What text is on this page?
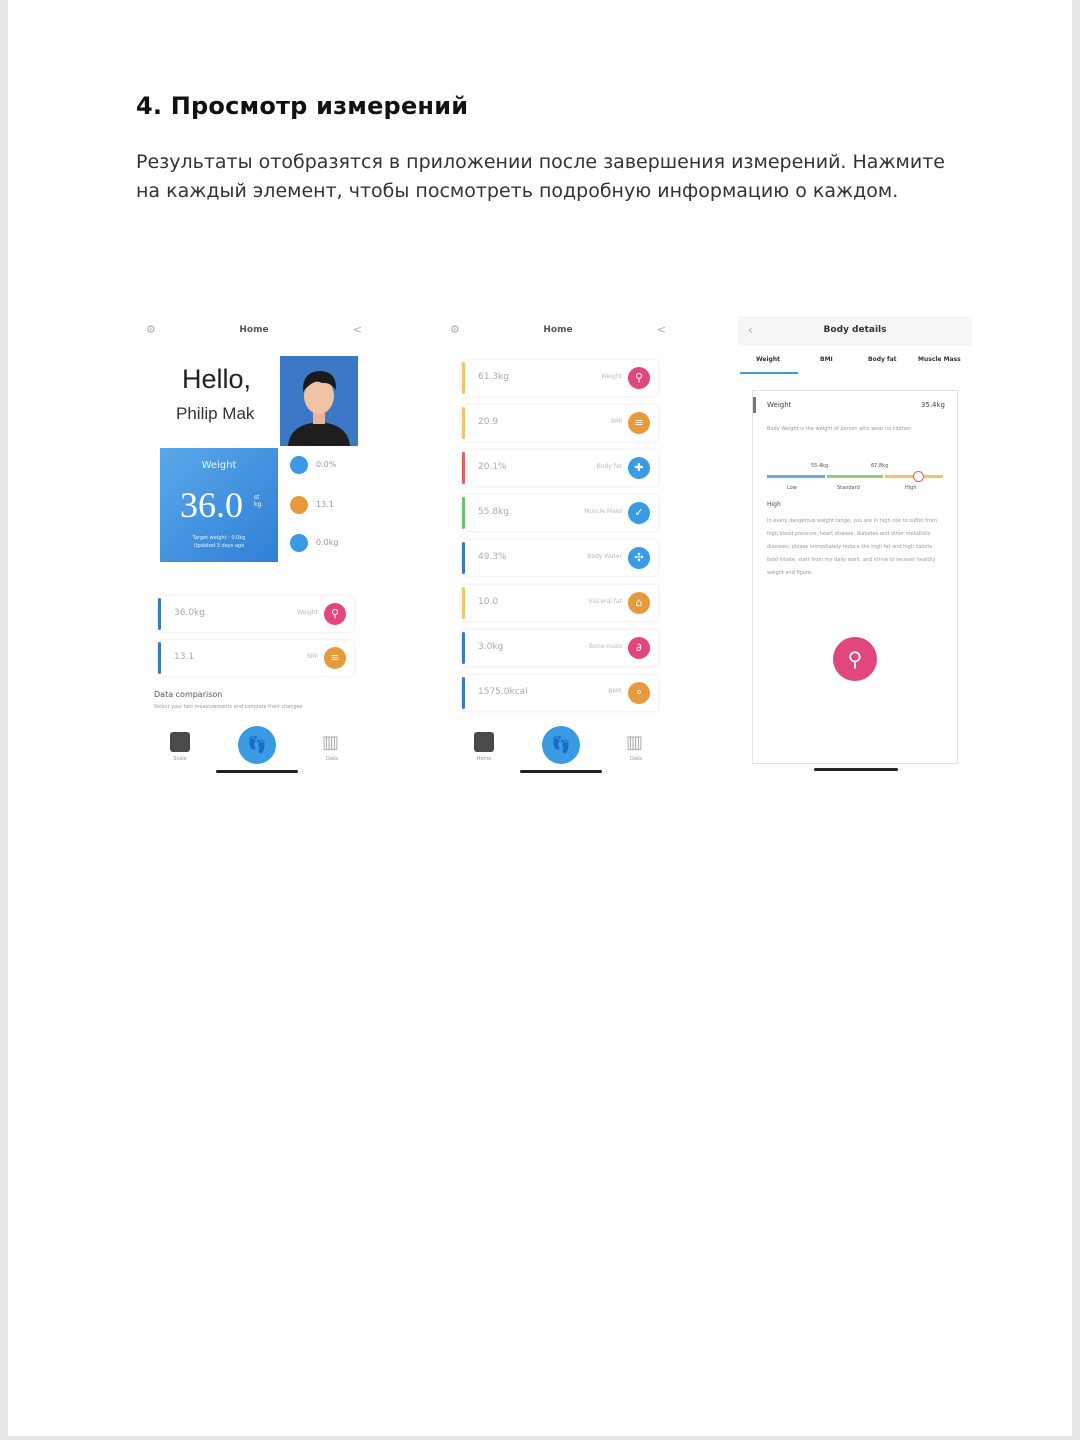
4. Просмотр измерений
Результаты отобразятся в приложении после завершения измерений. Нажмите на каждый элемент, чтобы посмотреть подробную информацию о каждом.
⚙	Home	<
Hello,
Philip Mak
Weight
36.0 st
kg
Target weight : 0.0kg
Updated 3 days ago
0.0%
13.1
0.0kg
36.0kg	Weight	⚲
13.1	BMI	≡
Data comparison
Select your two measurements and compare their changes
Scale
👣	▥
Data
⚙	Home	<
61.3kg	Weight	⚲
20.9	BMI	≡
20.1%	Body fat	✚
55.8kg	Muscle Mass	✓
49.3%	Body Water	✣
10.0	Visceral fat	⌂
3.0kg	Bone mass	∂
1575.0kcal	BMR	⚬
Home
👣	▥
Data
‹	Body details
Weight	BMI	Body fat	Muscle Mass
Weight	35.4kg
Body Weight is the weight of person who wear no clothes
55.4kg	67.8kg
Low	Standard	High
High
In every dangerous weight range, you are in high risk to suffer from high blood pressure, heart disease, diabetes and other metabolic diseases; please immediately reduce the high fat and high calorie food intake, start from my daily work, and strive to recover healthy weight and figure.
⚲
